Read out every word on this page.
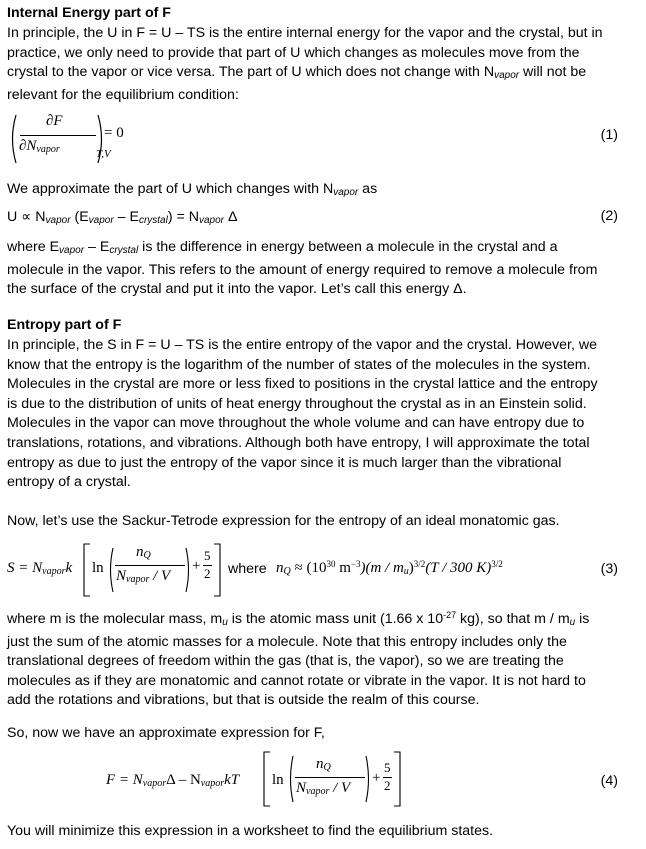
Internal Energy part of F
In principle, the U in F = U – TS is the entire internal energy for the vapor and the crystal, but in
practice, we only need to provide that part of U which changes as molecules move from the
crystal to the vapor or vice versa. The part of U which does not change with $N_{vapor}$ will not be
relevant for the equilibrium condition:
∂F
$\partial N_{vapor}$	T,V
= 0	(1)
We approximate the part of U which changes with $N_{vapor}$ as
$U \propto N_{vapor}$ $(E_{vapor} - E_{crystal}) = N_{vapor}$ Δ	(2)
where $E_{vapor} - E_{crystal}$ is the difference in energy between a molecule in the crystal and a
molecule in the vapor. This refers to the amount of energy required to remove a molecule from
the surface of the crystal and put it into the vapor. Let’s call this energy Δ.
Entropy part of F
In principle, the S in F = U – TS is the entire entropy of the vapor and the crystal. However, we
know that the entropy is the logarithm of the number of states of the molecules in the system.
Molecules in the crystal are more or less fixed to positions in the crystal lattice and the entropy
is due to the distribution of units of heat energy throughout the crystal as in an Einstein solid.
Molecules in the vapor can move throughout the whole volume and can have entropy due to
translations, rotations, and vibrations. Although both have entropy, I will approximate the total
entropy as due to just the entropy of the vapor since it is much larger than the vibrational
entropy of a crystal.
Now, let’s use the Sackur-Tetrode expression for the entropy of an ideal monatomic gas.
$S = N_{vapor}k$ ln
$n_Q$
$N_{vapor}$ / V
+
5
2 where $n_Q \approx (10^{30}$ $m^{-3})(m / m_u)^{3/2}(T / 300$ K)$^{3/2}$	(3)
where m is the molecular mass, $m_u$ is the atomic mass unit (1.66 x $10^{-27}$ kg), so that m / $m_u$ is
just the sum of the atomic masses for a molecule. Note that this entropy includes only the
translational degrees of freedom within the gas (that is, the vapor), so we are treating the
molecules as if they are monatomic and cannot rotate or vibrate in the vapor. It is not hard to
add the rotations and vibrations, but that is outside the realm of this course.
So, now we have an approximate expression for F,
$F = N_{vapor}\Delta - N_{vapor}kT$ ln
$n_Q$
$N_{vapor}$ / V
+
5
2	(4)
You will minimize this expression in a worksheet to find the equilibrium states.
